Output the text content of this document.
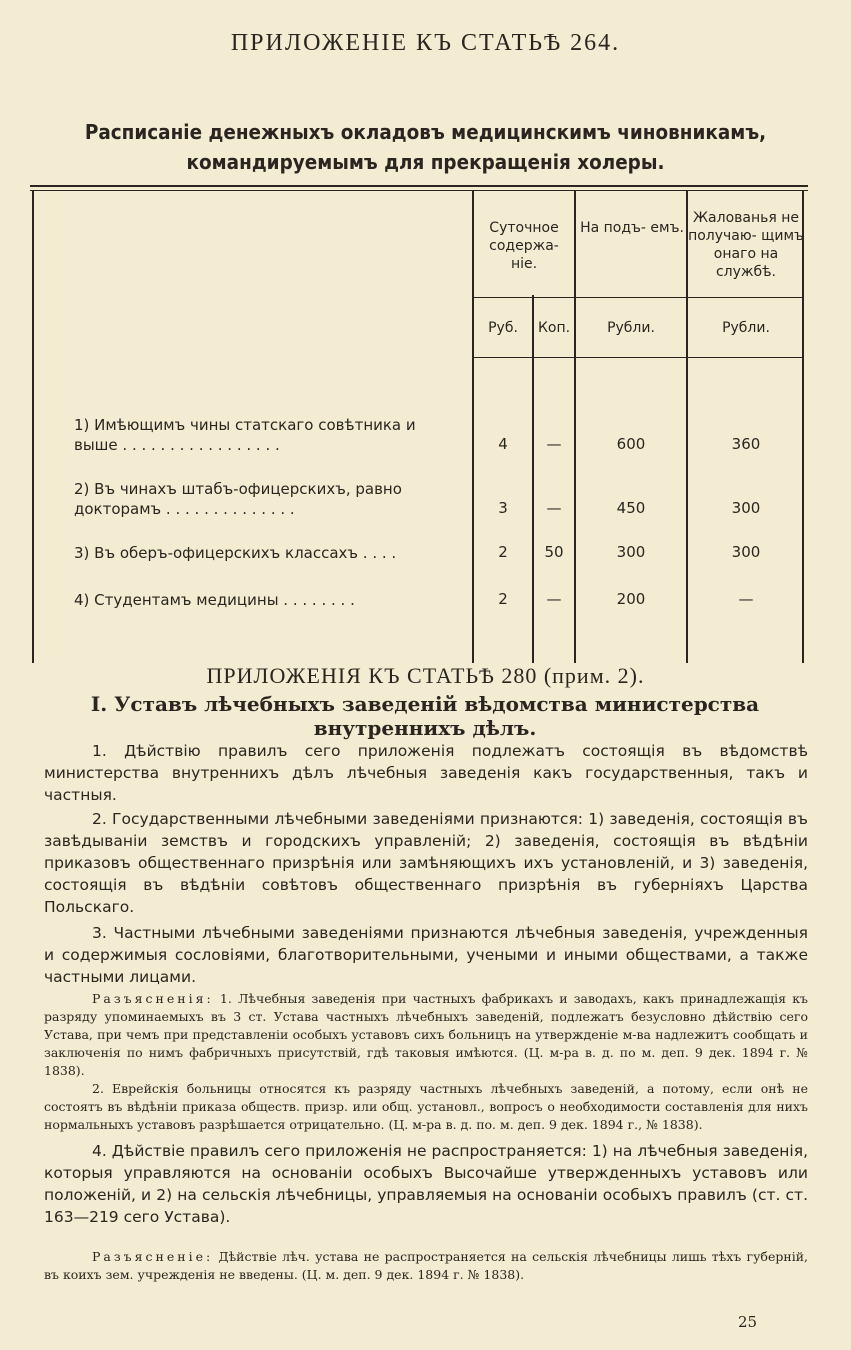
ПРИЛОЖЕНІЕ КЪ СТАТЬѢ 264.
Расписаніе денежныхъ окладовъ медицинскимъ чиновникамъ,
командируемымъ для прекращенія холеры.
Суточное содержа- ніе.
На подъ- емъ.
Жалованья не получаю- щимъ онаго на службѣ.
Руб.	Коп.	Рубли.	Рубли.
1) Имѣющимъ чины статскаго совѣтника и выше . . . . . . . . . . . . . . . . .	4	—	600	360
2) Въ чинахъ штабъ-офицерскихъ, равно докторамъ . . . . . . . . . . . . . .	3	—	450	300
3) Въ оберъ-офицерскихъ классахъ . . . .	2	50	300	300
4) Студентамъ медицины . . . . . . . .	2	—	200	—
ПРИЛОЖЕНІЯ КЪ СТАТЬѢ 280 (прим. 2).
I. Уставъ лѣчебныхъ заведеній вѣдомства министерства внутреннихъ дѣлъ.
1. Дѣйствію правилъ сего приложенія подлежатъ состоящія въ вѣдомствѣ министерства внутреннихъ дѣлъ лѣчебныя заведенія какъ государственныя, такъ и частныя.
2. Государственными лѣчебными заведеніями признаются: 1) заведенія, состоящія въ завѣдываніи земствъ и городскихъ управленій; 2) заведенія, состоящія въ вѣдѣніи приказовъ общественнаго призрѣнія или замѣняющихъ ихъ установленій, и 3) заведенія, состоящія въ вѣдѣніи совѣтовъ общественнаго призрѣнія въ губерніяхъ Царства Польскаго.
3. Частными лѣчебными заведеніями признаются лѣчебныя заведенія, учрежденныя и содержимыя сословіями, благотворительными, учеными и иными обществами, а также частными лицами.
Разъясненія: 1. Лѣчебныя заведенія при частныхъ фабрикахъ и заводахъ, какъ принадлежащія къ разряду упоминаемыхъ въ 3 ст. Устава частныхъ лѣчебныхъ заведеній, подлежатъ безусловно дѣйствію сего Устава, при чемъ при представленіи особыхъ уставовъ сихъ больницъ на утвержденіе м-ва надлежитъ сообщать и заключенія по нимъ фабричныхъ присутствій, гдѣ таковыя имѣются. (Ц. м-ра в. д. по м. деп. 9 дек. 1894 г. № 1838).
2. Еврейскія больницы относятся къ разряду частныхъ лѣчебныхъ заведеній, а потому, если онѣ не состоятъ въ вѣдѣніи приказа обществ. призр. или общ. установл., вопросъ о необходимости составленія для нихъ нормальныхъ уставовъ разрѣшается отрицательно. (Ц. м-ра в. д. по. м. деп. 9 дек. 1894 г., № 1838).
4. Дѣйствіе правилъ сего приложенія не распространяется: 1) на лѣчебныя заведенія, которыя управляются на основаніи особыхъ Высочайше утвержденныхъ уставовъ или положеній, и 2) на сельскія лѣчебницы, управляемыя на основаніи особыхъ правилъ (ст. ст. 163—219 сего Устава).
Разъясненіе: Дѣйствіе лѣч. устава не распространяется на сельскія лѣчебницы лишь тѣхъ губерній, въ коихъ зем. учрежденія не введены. (Ц. м. деп. 9 дек. 1894 г. № 1838).
25
